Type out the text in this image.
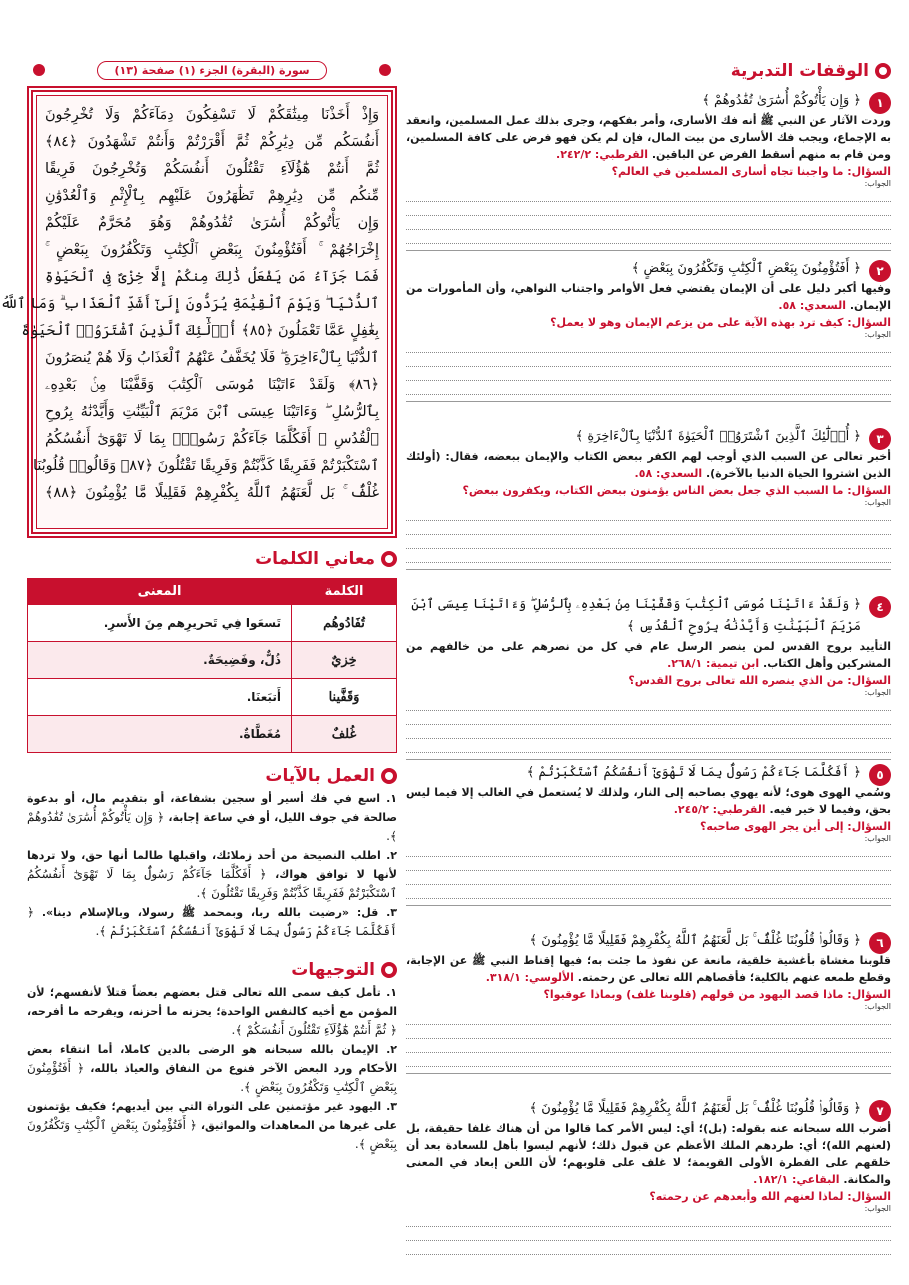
الوقفات التدبرية
١
﴿ وَإِن يَأْتُوكُمْ أُسَٰرَىٰ تُفَٰدُوهُمْ ﴾
وردت الآثار عن النبي ﷺ أنه فك الأسارى، وأمر بفكهم، وجرى بذلك عمل المسلمين، وانعقد به الإجماع، ويجب فك الأسارى من بيت المال، فإن لم يكن فهو فرض على كافة المسلمين، ومن قام به منهم أسقط الفرض عن الباقين. القرطبي: ٢٤٢/٢.
السؤال: ما واجبنا تجاه أسارى المسلمين في العالم؟
الجواب:
٢
﴿ أَفَتُؤْمِنُونَ بِبَعْضِ ٱلْكِتَٰبِ وَتَكْفُرُونَ بِبَعْضٍ ﴾
وفيها أكبر دليل على أن الإيمان يقتضي فعل الأوامر واجتناب النواهي، وأن المأمورات من الإيمان. السعدي: ٥٨.
السؤال: كيف ترد بهذه الآية على من يزعم الإيمان وهو لا يعمل؟
الجواب:
٣
﴿ أُو۟لَٰٓئِكَ ٱلَّذِينَ ٱشْتَرَوُا۟ ٱلْحَيَوٰةَ ٱلدُّنْيَا بِٱلْءَاخِرَةِ ﴾
أخبر تعالى عن السبب الذي أوجب لهم الكفر ببعض الكتاب والإيمان ببعضه، فقال: (أولئك الذين اشتروا الحياة الدنيا بالآخرة). السعدي: ٥٨.
السؤال: ما السبب الذي جعل بعض الناس يؤمنون ببعض الكتاب، ويكفرون ببعض؟
الجواب:
٤
﴿ وَلَقَدْ ءَاتَيْنَا مُوسَى ٱلْكِتَٰبَ وَقَفَّيْنَا مِنۢ بَعْدِهِۦ بِٱلرُّسُلِ ۖ وَءَاتَيْنَا عِيسَى ٱبْنَ مَرْيَمَ ٱلْبَيِّنَٰتِ وَأَيَّدْنَٰهُ بِرُوحِ ٱلْقُدُسِ ﴾
التأييد بروح القدس لمن ينصر الرسل عام في كل من نصرهم على من خالفهم من المشركين وأهل الكتاب. ابن تيمية: ٢٦٨/١.
السؤال: من الذي ينصره الله تعالى بروح القدس؟
الجواب:
٥
﴿ أَفَكُلَّمَا جَآءَكُمْ رَسُولٌۢ بِمَا لَا تَهْوَىٰٓ أَنفُسُكُمُ ٱسْتَكْبَرْتُمْ ﴾
وسُمي الهوى هوى؛ لأنه يهوي بصاحبه إلى النار، ولذلك لا يُستعمل في الغالب إلا فيما ليس بحق، وفيما لا خير فيه. القرطبي: ٢٤٥/٢.
السؤال: إلى أين يجر الهوى صاحبه؟
الجواب:
٦
﴿ وَقَالُوا۟ قُلُوبُنَا غُلْفٌۢ ۚ بَل لَّعَنَهُمُ ٱللَّهُ بِكُفْرِهِمْ فَقَلِيلًا مَّا يُؤْمِنُونَ ﴾
قلوبنا مغشاة بأغشية خلقية، مانعة عن نفوذ ما جئت به؛ فيها إقناط النبي ﷺ عن الإجابة، وقطع طمعه عنهم بالكلية؛ فأقصاهم الله تعالى عن رحمته. الألوسي: ٣١٨/١.
السؤال: ماذا قصد اليهود من قولهم (قلوبنا غلف) وبماذا عوقبوا؟
الجواب:
٧
﴿ وَقَالُوا۟ قُلُوبُنَا غُلْفٌۢ ۚ بَل لَّعَنَهُمُ ٱللَّهُ بِكُفْرِهِمْ فَقَلِيلًا مَّا يُؤْمِنُونَ ﴾
أضرب الله سبحانه عنه بقوله: (بل)؛ أي: ليس الأمر كما قالوا من أن هناك غلفا حقيقة، بل (لعنهم الله)؛ أي: طردهم الملك الأعظم عن قبول ذلك؛ لأنهم ليسوا بأهل للسعادة بعد أن خلقهم على الفطرة الأولى القويمة؛ لا غلف على قلوبهم؛ لأن اللعن إبعاد في المعنى والمكانة. البقاعي: ١٨٢/١.
السؤال: لماذا لعنهم الله وأبعدهم عن رحمته؟
الجواب:
سورة (البقرة) الجزء (١) صفحة (١٣)
وَإِذْ أَخَذْنَا مِيثَٰقَكُمْ لَا تَسْفِكُونَ دِمَآءَكُمْ وَلَا تُخْرِجُونَ
أَنفُسَكُم مِّن دِيَٰرِكُمْ ثُمَّ أَقْرَرْتُمْ وَأَنتُمْ تَشْهَدُونَ ﴿٨٤﴾
ثُمَّ أَنتُمْ هَٰٓؤُلَآءِ تَقْتُلُونَ أَنفُسَكُمْ وَتُخْرِجُونَ فَرِيقًا
مِّنكُم مِّن دِيَٰرِهِمْ تَظَٰهَرُونَ عَلَيْهِم بِٱلْإِثْمِ وَٱلْعُدْوَٰنِ
وَإِن يَأْتُوكُمْ أُسَٰرَىٰ تُفَٰدُوهُمْ وَهُوَ مُحَرَّمٌ عَلَيْكُمْ
إِخْرَاجُهُمْ ۚ أَفَتُؤْمِنُونَ بِبَعْضِ ٱلْكِتَٰبِ وَتَكْفُرُونَ بِبَعْضٍ ۚ
فَمَا جَزَآءُ مَن يَفْعَلُ ذَٰلِكَ مِنكُمْ إِلَّا خِزْىٌ فِى ٱلْحَيَوٰةِ
ٱلدُّنْيَا ۖ وَيَوْمَ ٱلْقِيَٰمَةِ يُرَدُّونَ إِلَىٰٓ أَشَدِّ ٱلْعَذَابِ ۗ وَمَا ٱللَّهُ
بِغَٰفِلٍ عَمَّا تَعْمَلُونَ ﴿٨٥﴾ أُو۟لَٰٓئِكَ ٱلَّذِينَ ٱشْتَرَوُا۟ ٱلْحَيَوٰةَ
ٱلدُّنْيَا بِٱلْءَاخِرَةِ ۖ فَلَا يُخَفَّفُ عَنْهُمُ ٱلْعَذَابُ وَلَا هُمْ يُنصَرُونَ
﴿٨٦﴾ وَلَقَدْ ءَاتَيْنَا مُوسَى ٱلْكِتَٰبَ وَقَفَّيْنَا مِنۢ بَعْدِهِۦ
بِٱلرُّسُلِ ۖ وَءَاتَيْنَا عِيسَى ٱبْنَ مَرْيَمَ ٱلْبَيِّنَٰتِ وَأَيَّدْنَٰهُ بِرُوحِ
ٱلْقُدُسِ ۗ أَفَكُلَّمَا جَآءَكُمْ رَسُولٌۢ بِمَا لَا تَهْوَىٰٓ أَنفُسُكُمُ
ٱسْتَكْبَرْتُمْ فَفَرِيقًا كَذَّبْتُمْ وَفَرِيقًا تَقْتُلُونَ ﴿٨٧﴾ وَقَالُوا۟ قُلُوبُنَا
غُلْفٌۢ ۚ بَل لَّعَنَهُمُ ٱللَّهُ بِكُفْرِهِمْ فَقَلِيلًا مَّا يُؤْمِنُونَ ﴿٨٨﴾
معاني الكلمات
الكلمة	المعنى
تُفَادُوهُم	تَسعَوا فِي تَحريرِهم مِنَ الأَسرِ.
خِزيٌ	ذُلٌّ، وفَضِيحَةٌ.
وَقَفَّينا	أَتبَعنَا.
غُلفٌ	مُغَطَّاةٌ.
العمل بالآيات
١. اسع في فك أسير أو سجين بشفاعة، أو بتقديم مال، أو بدعوة صالحة في جوف الليل، أو في ساعة إجابة، ﴿ وَإِن يَأْتُوكُمْ أُسَٰرَىٰ تُفَٰدُوهُمْ ﴾.
٢. اطلب النصيحة من أحد زملائك، واقبلها طالما أنها حق، ولا تردها لأنها لا توافق هواك، ﴿ أَفَكُلَّمَا جَآءَكُمْ رَسُولٌۢ بِمَا لَا تَهْوَىٰٓ أَنفُسُكُمُ ٱسْتَكْبَرْتُمْ فَفَرِيقًا كَذَّبْتُمْ وَفَرِيقًا تَقْتُلُونَ ﴾.
٣. قل: «رضيت بالله ربا، وبمحمد ﷺ رسولا، وبالإسلام دينا». ﴿ أَفَكُلَّمَا جَآءَكُمْ رَسُولٌۢ بِمَا لَا تَهْوَىٰٓ أَنفُسُكُمُ ٱسْتَكْبَرْتُمْ ﴾.
التوجيهات
١. تأمل كيف سمى الله تعالى قتل بعضهم بعضاً قتلاً لأنفسهم؛ لأن المؤمن مع أخيه كالنفس الواحدة؛ يحزنه ما أحزنه، ويفرحه ما أفرحه، ﴿ ثُمَّ أَنتُمْ هَٰٓؤُلَآءِ تَقْتُلُونَ أَنفُسَكُمْ ﴾.
٢. الإيمان بالله سبحانه هو الرضى بالدين كاملا، أما انتقاء بعض الأحكام ورد البعض الآخر فنوع من النفاق والعياذ بالله، ﴿ أَفَتُؤْمِنُونَ بِبَعْضِ ٱلْكِتَٰبِ وَتَكْفُرُونَ بِبَعْضٍ ﴾.
٣. اليهود غير مؤتمنين على التوراة التي بين أيديهم؛ فكيف يؤتمنون على غيرها من المعاهدات والمواثيق، ﴿ أَفَتُؤْمِنُونَ بِبَعْضِ ٱلْكِتَٰبِ وَتَكْفُرُونَ بِبَعْضٍ ﴾.
